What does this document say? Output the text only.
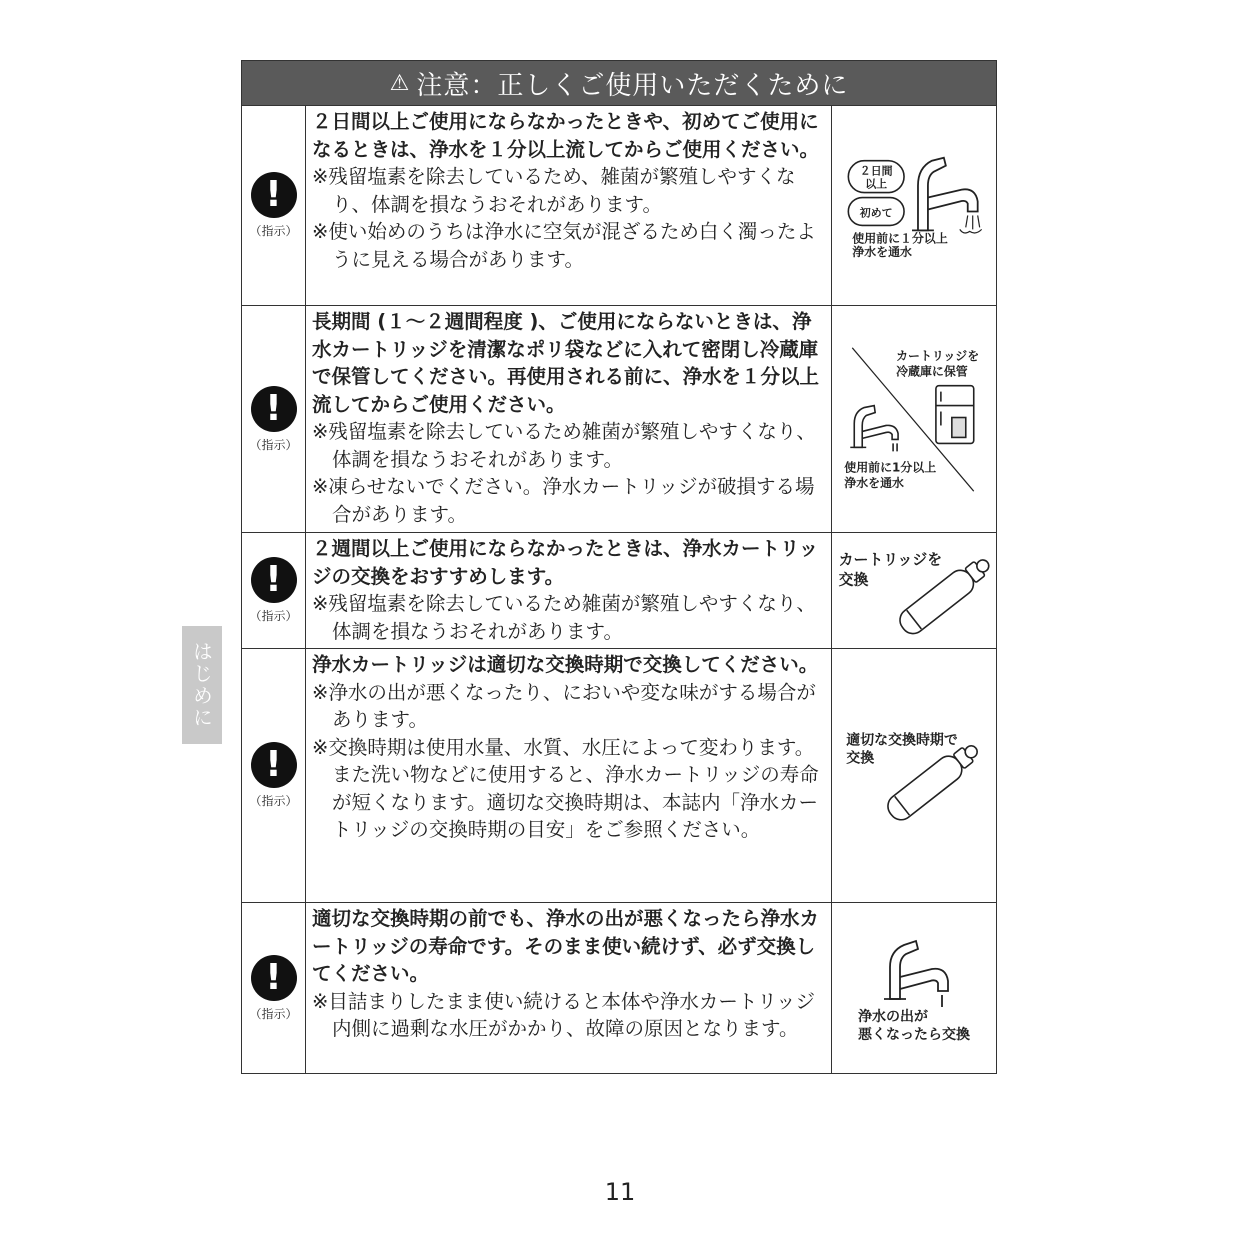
はじめに
⚠ 注意：正しくご使用いただくために
!
（指示）
２日間以上ご使用にならなかったときや、初めてご使用になるときは、浄水を１分以上流してからご使用ください。
※残留塩素を除去しているため、雑菌が繁殖しやすくなり、体調を損なうおそれがあります。
※使い始めのうちは浄水に空気が混ざるため白く濁ったように見える場合があります。
２日間
以上
初めて
使用前に１分以上
浄水を通水
!
（指示）
長期間 (１～２週間程度 )、ご使用にならないときは、浄水カートリッジを清潔なポリ袋などに入れて密閉し冷蔵庫で保管してください。再使用される前に、浄水を１分以上流してからご使用ください。
※残留塩素を除去しているため雑菌が繁殖しやすくなり、体調を損なうおそれがあります。
※凍らせないでください。浄水カートリッジが破損する場合があります。
カートリッジを
冷蔵庫に保管
使用前に1分以上
浄水を通水
!
（指示）
２週間以上ご使用にならなかったときは、浄水カートリッジの交換をおすすめします。
※残留塩素を除去しているため雑菌が繁殖しやすくなり、体調を損なうおそれがあります。
カートリッジを
交換
!
（指示）
浄水カートリッジは適切な交換時期で交換してください。
※浄水の出が悪くなったり、においや変な味がする場合があります。
※交換時期は使用水量、水質、水圧によって変わります。また洗い物などに使用すると、浄水カートリッジの寿命が短くなります。適切な交換時期は、本誌内「浄水カートリッジの交換時期の目安」をご参照ください。
適切な交換時期で
交換
!
（指示）
適切な交換時期の前でも、浄水の出が悪くなったら浄水カートリッジの寿命です。そのまま使い続けず、必ず交換してください。
※目詰まりしたまま使い続けると本体や浄水カートリッジ内側に過剰な水圧がかかり、故障の原因となります。	浄水の出が
悪くなったら交換
11
